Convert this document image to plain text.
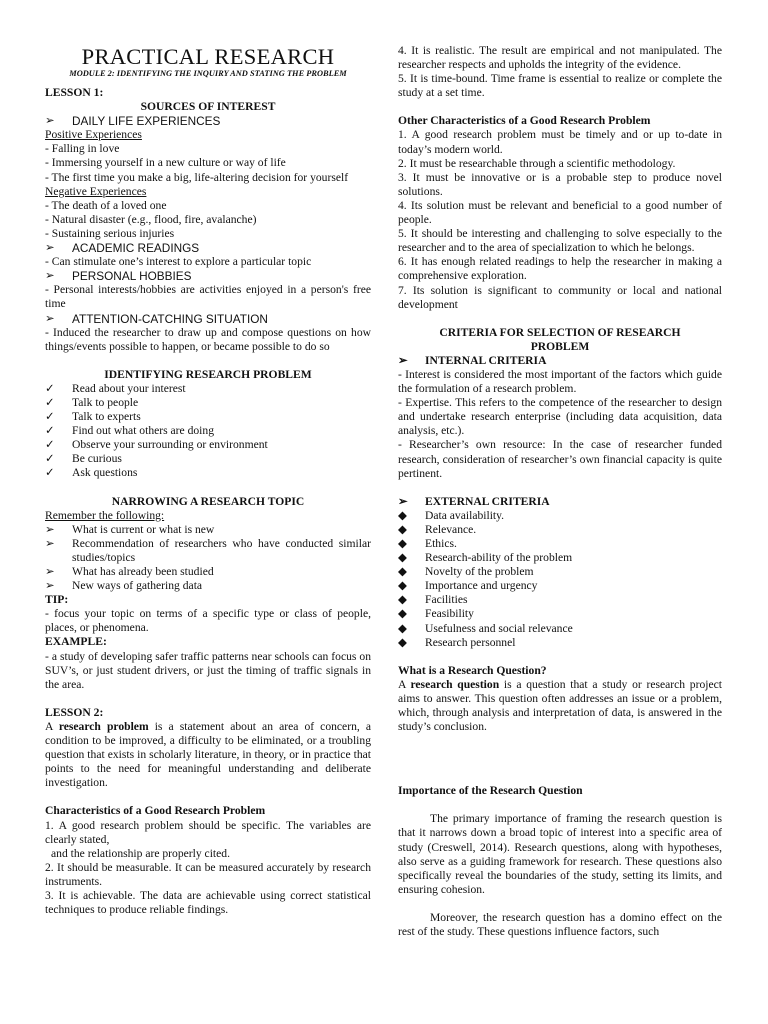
PRACTICAL RESEARCH
MODULE 2: IDENTIFYING THE INQUIRY AND STATING THE PROBLEM
LESSON 1:
SOURCES OF INTEREST
➢	DAILY LIFE EXPERIENCES
Positive Experiences
- Falling in love
- Immersing yourself in a new culture or way of life
- The first time you make a big, life-altering decision for yourself
Negative Experiences
- The death of a loved one
- Natural disaster (e.g., flood, fire, avalanche)
- Sustaining serious injuries
➢	ACADEMIC READINGS
- Can stimulate one’s interest to explore a particular topic
➢	PERSONAL HOBBIES
- Personal interests/hobbies are activities enjoyed in a person's free time
➢	ATTENTION-CATCHING SITUATION
- Induced the researcher to draw up and compose questions on how things/events possible to happen, or became possible to do so
IDENTIFYING RESEARCH PROBLEM
✓	Read about your interest
✓	Talk to people
✓	Talk to experts
✓	Find out what others are doing
✓	Observe your surrounding or environment
✓	Be curious
✓	Ask questions
NARROWING A RESEARCH TOPIC
Remember the following:
➢	What is current or what is new
➢	Recommendation of researchers who have conducted similar studies/topics
➢	What has already been studied
➢	New ways of gathering data
TIP:
- focus your topic on terms of a specific type or class of people, places, or phenomena.
EXAMPLE:
- a study of developing safer traffic patterns near schools can focus on SUV’s, or just student drivers, or just the timing of traffic signals in the area.
LESSON 2:
A research problem is a statement about an area of concern, a condition to be improved, a difficulty to be eliminated, or a troubling question that exists in scholarly literature, in theory, or in practice that points to the need for meaningful understanding and deliberate investigation.
Characteristics of a Good Research Problem
1. A good research problem should be specific. The variables are clearly stated,
and the relationship are properly cited.
2. It should be measurable. It can be measured accurately by research instruments.
3. It is achievable. The data are achievable using correct statistical techniques to produce reliable findings.
4. It is realistic. The result are empirical and not manipulated. The researcher respects and upholds the integrity of the evidence.
5. It is time-bound. Time frame is essential to realize or complete the study at a set time.
Other Characteristics of a Good Research Problem
1. A good research problem must be timely and or up to-date in today’s modern world.
2. It must be researchable through a scientific methodology.
3. It must be innovative or is a probable step to produce novel solutions.
4. Its solution must be relevant and beneficial to a good number of people.
5. It should be interesting and challenging to solve especially to the researcher and to the area of specialization to which he belongs.
6. It has enough related readings to help the researcher in making a comprehensive exploration.
7. Its solution is significant to community or local and national development
CRITERIA FOR SELECTION OF RESEARCH PROBLEM
➢	INTERNAL CRITERIA
- Interest is considered the most important of the factors which guide the formulation of a research problem.
- Expertise. This refers to the competence of the researcher to design and undertake research enterprise (including data acquisition, data analysis, etc.).
- Researcher’s own resource: In the case of researcher funded research, consideration of researcher’s own financial capacity is quite pertinent.
➢	EXTERNAL CRITERIA
◆	Data availability.
◆	Relevance.
◆	Ethics.
◆	Research-ability of the problem
◆	Novelty of the problem
◆	Importance and urgency
◆	Facilities
◆	Feasibility
◆	Usefulness and social relevance
◆	Research personnel
What is a Research Question?
A research question is a question that a study or research project aims to answer. This question often addresses an issue or a problem, which, through analysis and interpretation of data, is answered in the study’s conclusion.
Importance of the Research Question
The primary importance of framing the research question is that it narrows down a broad topic of interest into a specific area of study (Creswell, 2014). Research questions, along with hypotheses, also serve as a guiding framework for research. These questions also specifically reveal the boundaries of the study, setting its limits, and ensuring cohesion.
Moreover, the research question has a domino effect on the rest of the study. These questions influence factors, such
